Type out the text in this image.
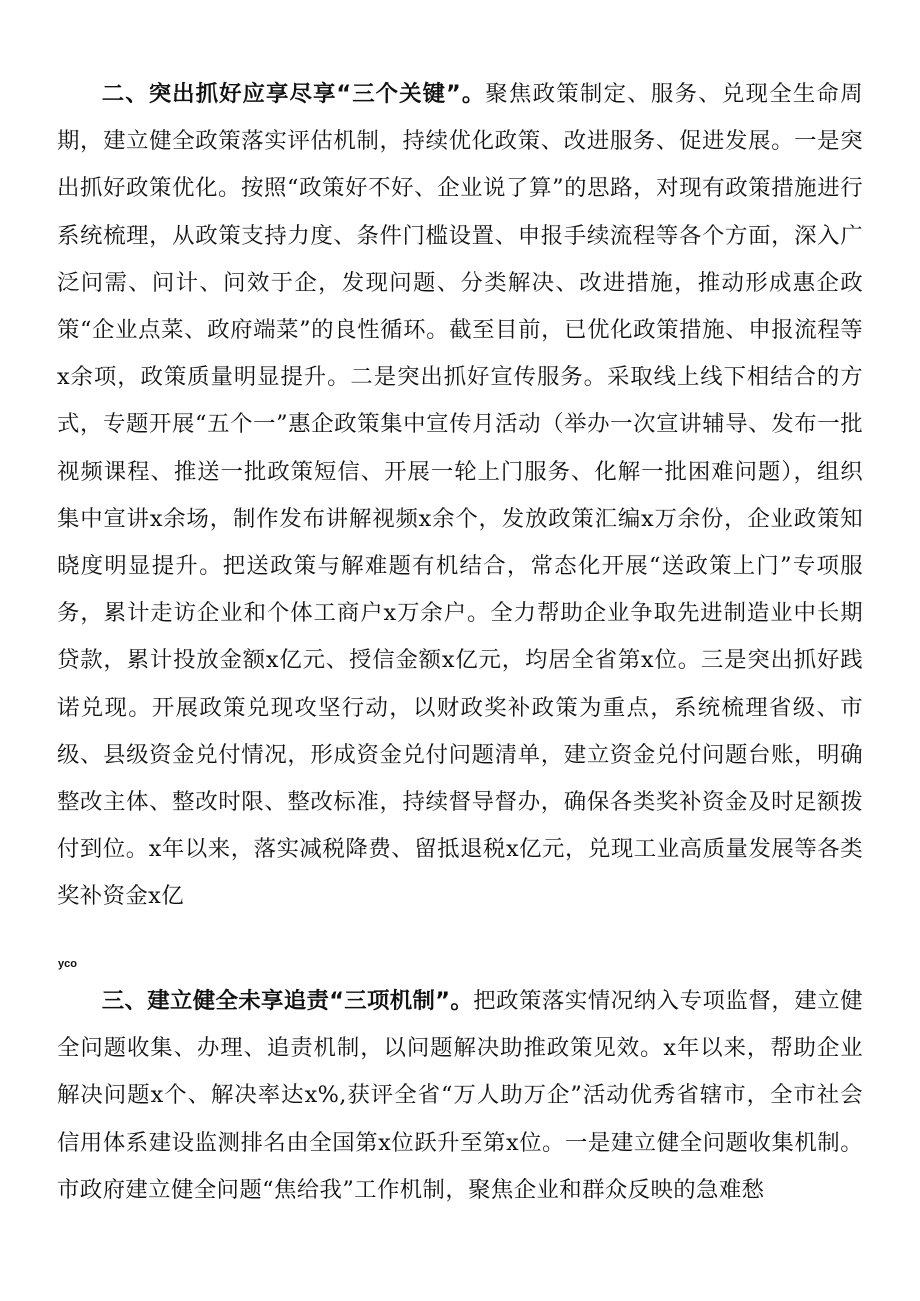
二、突出抓好应享尽享“三个关键”。聚焦政策制定、服务、兑现全生命周期，建立健全政策落实评估机制，持续优化政策、改进服务、促进发展。一是突出抓好政策优化。按照“政策好不好、企业说了算”的思路，对现有政策措施进行系统梳理，从政策支持力度、条件门槛设置、申报手续流程等各个方面，深入广泛问需、问计、问效于企，发现问题、分类解决、改进措施，推动形成惠企政策“企业点菜、政府端菜”的良性循环。截至目前，已优化政策措施、申报流程等x余项，政策质量明显提升。二是突出抓好宣传服务。采取线上线下相结合的方式，专题开展“五个一”惠企政策集中宣传月活动（举办一次宣讲辅导、发布一批视频课程、推送一批政策短信、开展一轮上门服务、化解一批困难问题），组织集中宣讲x余场，制作发布讲解视频x余个，发放政策汇编x万余份，企业政策知晓度明显提升。把送政策与解难题有机结合，常态化开展“送政策上门”专项服务，累计走访企业和个体工商户x万余户。全力帮助企业争取先进制造业中长期贷款，累计投放金额x亿元、授信金额x亿元，均居全省第x位。三是突出抓好践诺兑现。开展政策兑现攻坚行动，以财政奖补政策为重点，系统梳理省级、市级、县级资金兑付情况，形成资金兑付问题清单，建立资金兑付问题台账，明确整改主体、整改时限、整改标准，持续督导督办，确保各类奖补资金及时足额拨付到位。x年以来，落实减税降费、留抵退税x亿元，兑现工业高质量发展等各类奖补资金x亿

yco

三、建立健全未享追责“三项机制”。把政策落实情况纳入专项监督，建立健全问题收集、办理、追责机制，以问题解决助推政策见效。x年以来，帮助企业解决问题x个、解决率达x%,获评全省“万人助万企”活动优秀省辖市，全市社会信用体系建设监测排名由全国第x位跃升至第x位。一是建立健全问题收集机制。市政府建立健全问题“焦给我”工作机制，聚焦企业和群众反映的急难愁
